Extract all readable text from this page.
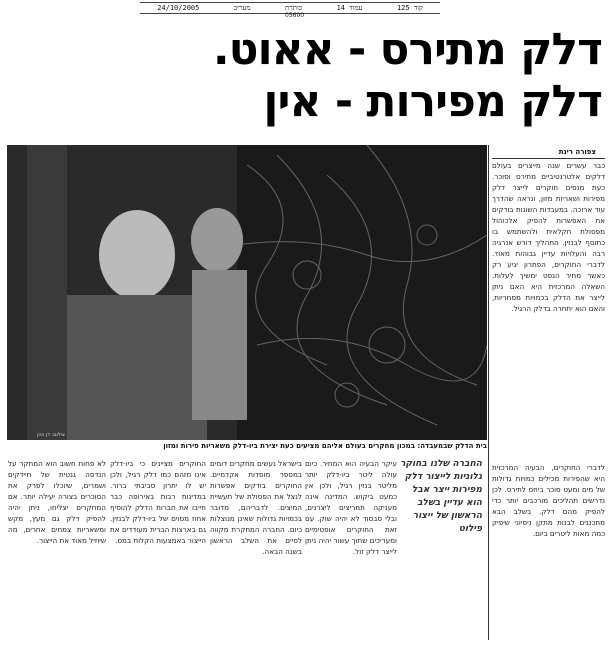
24/10/2005	מעריב	כותרת	עמוד 14	קוד 125
05600
דלק מתירס - אאוט.
דלק מפירות - אין
צילום: דן כהן
בית הדלק שבמעבדה: במכון מחקרים בעולם אליהם מציעים כעת יצירת ביו-דלק משאריות פירות ומזון
צפורה רינת
כבר עשרים שנה מייצרים בעולם דלקים אלטרנטיביים מתירס וסוכר. כעת מנסים חוקרים לייצר דלק מפירות ושאריות מזון, ונראה שהדרך עוד ארוכה. במעבדות השונות בודקים את האפשרות להפיק אלכוהול מפסולת חקלאית ולהשתמש בו כתוסף לבנזין. התהליך דורש אנרגיה רבה והעלויות עדיין גבוהות מאוד. לדברי החוקרים, הפתרון יגיע רק כאשר מחיר הנפט ימשיך לעלות. השאלה המרכזית היא האם ניתן לייצר את הדלק בכמויות מסחריות, והאם הוא יתחרה בדלק הרגיל.
לדברי החוקרים, הבעיה המרכזית היא שהפירות מכילים כמויות גדולות של מים ומעט סוכר ביחס לתירס. לכן נדרשים תהליכים מורכבים יותר כדי להפיק מהם דלק. בשלב הבא מתכננים לבנות מתקן ניסיוני שיפיק כמה מאות ליטרים ביום.
החברה שלנו בחוקר גלוניות לייצור דלק מפירות ייצר אבל הוא עדיין בשלב הראשון של ייצור פילוט
עיקר הבעיה הוא המחיר. כיום עולה ליטר ביו-דלק יותר מליטר בנזין רגיל, ולכן אין כמעט ביקוש. המדינה אינה מעניקה תמריצים ליצרנים, ובלי סבסוד לא יהיה שוק. עם זאת החוקרים אופטימיים ומעריכים שתוך עשור יהיה ניתן לייצר דלק זול.
בישראל נעשים מחקרים דומים במספר מוסדות אקדמיים. החוקרים בודקים אפשרות לנצל את הפסולת של תעשיית המיצים. לדבריהם, מדובר בכמויות גדולות שאינן מנוצלות כיום. החברה המחקרת מקווה לסיים את השלב הראשון בשנה הבאה.
החוקרים מציינים כי ביו-דלק אינו מזהם כמו דלק רגיל, ולכן יש לו יתרון סביבתי ברור. במדינות רבות באירופה כבר חייבו את חברות הדלק להוסיף אחוז מסוים של ביו-דלק לבנזין. גם בארצות הברית מעודדים את הייצור באמצעות הקלות במס.
לא פחות חשוב הוא המחקר על הנדסה גנטית של חיידקים ושמרים, שיוכלו לפרק את הסוכרים בצורה יעילה יותר. אם המחקרים יצליחו, ניתן יהיה להפיק דלק גם מעץ, מקש ומשאריות צמחים אחרים, מה שיוזיל מאוד את הייצור.
